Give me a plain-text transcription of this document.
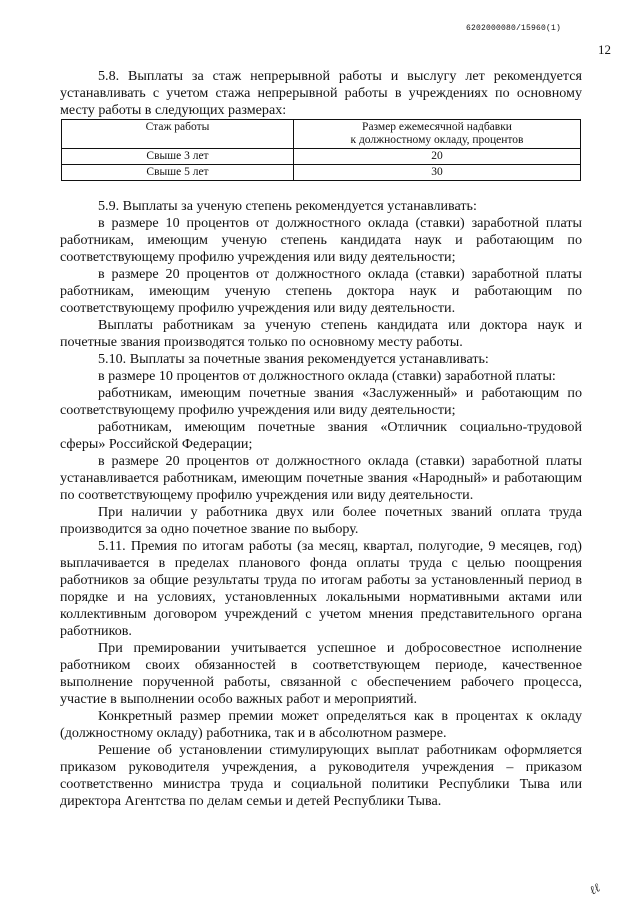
6202000080/15960(1)
12

5.8. Выплаты за стаж непрерывной работы и выслугу лет рекомендуется устанавливать с учетом стажа непрерывной работы в учреждениях по основному месту работы в следующих размерах:

Стаж работы	Размер ежемесячной надбавки
к должностному окладу, процентов

Свыше 3 лет	20
Свыше 5 лет	30

5.9. Выплаты за ученую степень рекомендуется устанавливать:

в размере 10 процентов от должностного оклада (ставки) заработной платы работникам, имеющим ученую степень кандидата наук и работающим по соответствующему профилю учреждения или виду деятельности;

в размере 20 процентов от должностного оклада (ставки) заработной платы работникам, имеющим ученую степень доктора наук и работающим по соответствующему профилю учреждения или виду деятельности.

Выплаты работникам за ученую степень кандидата или доктора наук и почетные звания производятся только по основному месту работы.

5.10. Выплаты за почетные звания рекомендуется устанавливать:

в размере 10 процентов от должностного оклада (ставки) заработной платы:

работникам, имеющим почетные звания «Заслуженный» и работающим по соответствующему профилю учреждения или виду деятельности;

работникам, имеющим почетные звания «Отличник социально-трудовой сферы» Российской Федерации;

в размере 20 процентов от должностного оклада (ставки) заработной платы устанавливается работникам, имеющим почетные звания «Народный» и работающим по соответствующему профилю учреждения или виду деятельности.

При наличии у работника двух или более почетных званий оплата труда производится за одно почетное звание по выбору.

5.11. Премия по итогам работы (за месяц, квартал, полугодие, 9 месяцев, год) выплачивается в пределах планового фонда оплаты труда с целью поощрения работников за общие результаты труда по итогам работы за установленный период в порядке и на условиях, установленных локальными нормативными актами или коллективным договором учреждений с учетом мнения представительного органа работников.

При премировании учитывается успешное и добросовестное исполнение работником своих обязанностей в соответствующем периоде, качественное выполнение порученной работы, связанной с обеспечением рабочего процесса, участие в выполнении особо важных работ и мероприятий.

Конкретный размер премии может определяться как в процентах к окладу (должностному окладу) работника, так и в абсолютном размере.

Решение об установлении стимулирующих выплат работникам оформляется приказом руководителя учреждения, а руководителя учреждения – приказом соответственно министра труда и социальной политики Республики Тыва или директора Агентства по делам семьи и детей Республики Тыва.

ℓℓ
